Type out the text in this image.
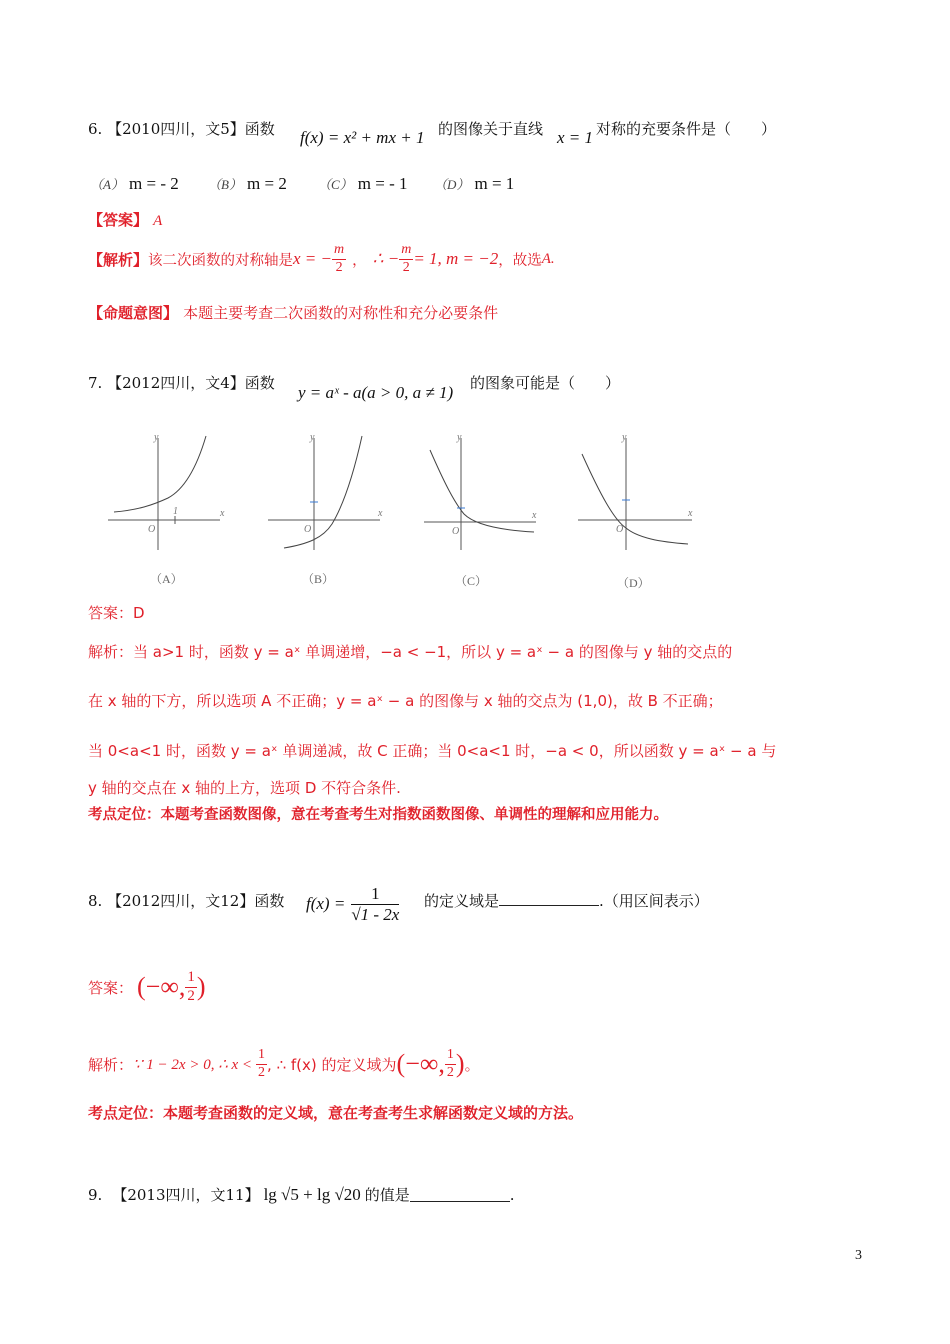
6. 【2010四川，文5】函数 f(x) = x² + mx + 1 的图像关于直线 x = 1 对称的充要条件是（　　）
（A） m = - 2 （B） m = 2 （C） m = - 1 （D） m = 1
【答案】 A
【解析】 该二次函数的对称轴是 x = − $\frac{m}{2}$ ， ∴ − $\frac{m}{2} = 1$, m = −2 ，故选 A.
【命题意图】 本题主要考查二次函数的对称性和充分必要条件
7. 【2012四川，文4】函数 y = aˣ - a(a > 0, a ≠ 1) 的图象可能是（　　）
y
x
O
1
y
x
O
y
x
O
y
x
O
（A）	（B）	（C）	（D）
答案：D
解析：当 a>1 时，函数 y = aˣ 单调递增，−a < −1，所以 y = aˣ − a 的图像与 y 轴的交点的
在 x 轴的下方，所以选项 A 不正确；y = aˣ − a 的图像与 x 轴的交点为 (1,0)，故 B 不正确；
当 0<a<1 时，函数 y = aˣ 单调递减，故 C 正确；当 0<a<1 时，−a < 0，所以函数 y = aˣ − a 与
y 轴的交点在 x 轴的上方，选项 D 不符合条件.
考点定位：本题考查函数图像，意在考查考生对指数函数图像、单调性的理解和应用能力。
8. 【2012四川，文12】函数 $f(x) = \frac{1}{√1 - 2x}$ 的定义域是	.（用区间表示）
答案： (−∞, $\frac{1}{2}$ )
解析： ∵ 1 − 2x > 0, ∴ $x < \frac{1}{2}$ , ∴ f(x) 的定义域为 (−∞, $\frac{1}{2}$ ) 。
考点定位：本题考查函数的定义域，意在考查考生求解函数定义域的方法。
9. 【2013四川，文11】 lg √5 + lg √20 的值是	.
3
